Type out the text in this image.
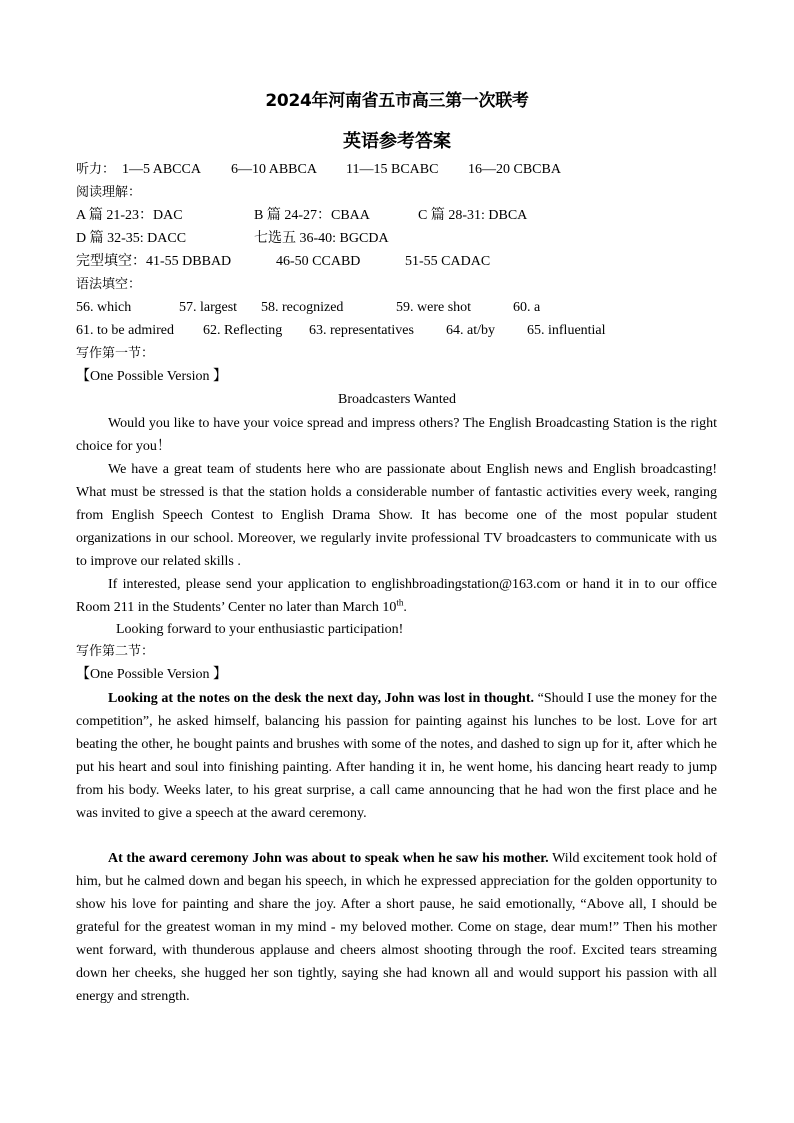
2024年河南省五市高三第一次联考
英语参考答案
听力： 1—5 ABCCA 6—10 ABBCA 11—15 BCABC 16—20 CBCBA
阅读理解：
A 篇 21-23：DAC	B 篇 24-27：CBAA	C 篇 28-31: DBCA
D 篇 32-35: DACC	七选五 36-40: BGCDA
完型填空：41-55 DBBAD	46-50 CCABD	51-55 CADAC
语法填空：
56. which	57. largest 58. recognized	59. were shot	60. a
61. to be admired 62. Reflecting 63. representatives 64. at/by 65. influential
写作第一节：
【One Possible Version 】
Broadcasters Wanted

Would you like to have your voice spread and impress others? The English Broadcasting Station is the right choice for you！

We have a great team of students here who are passionate about English news and English broadcasting! What must be stressed is that the station holds a considerable number of fantastic activities every week, ranging from English Speech Contest to English Drama Show. It has become one of the most popular student organizations in our school. Moreover, we regularly invite professional TV broadcasters to communicate with us to improve our related skills .

If interested, please send your application to englishbroadingstation@163.com or hand it in to our office Room 211 in the Students’ Center no later than March 10th.

Looking forward to your enthusiastic participation!
写作第二节：
【One Possible Version 】

Looking at the notes on the desk the next day, John was lost in thought. “Should I use the money for the competition”, he asked himself, balancing his passion for painting against his lunches to be lost. Love for art beating the other, he bought paints and brushes with some of the notes, and dashed to sign up for it, after which he put his heart and soul into finishing painting. After handing it in, he went home, his dancing heart ready to jump from his body. Weeks later, to his great surprise, a call came announcing that he had won the first place and he was invited to give a speech at the award ceremony.

At the award ceremony John was about to speak when he saw his mother. Wild excitement took hold of him, but he calmed down and began his speech, in which he expressed appreciation for the golden opportunity to show his love for painting and share the joy. After a short pause, he said emotionally, “Above all, I should be grateful for the greatest woman in my mind - my beloved mother. Come on stage, dear mum!” Then his mother went forward, with thunderous applause and cheers almost shooting through the roof. Excited tears streaming down her cheeks, she hugged her son tightly, saying she had known all and would support his passion with all energy and strength.
